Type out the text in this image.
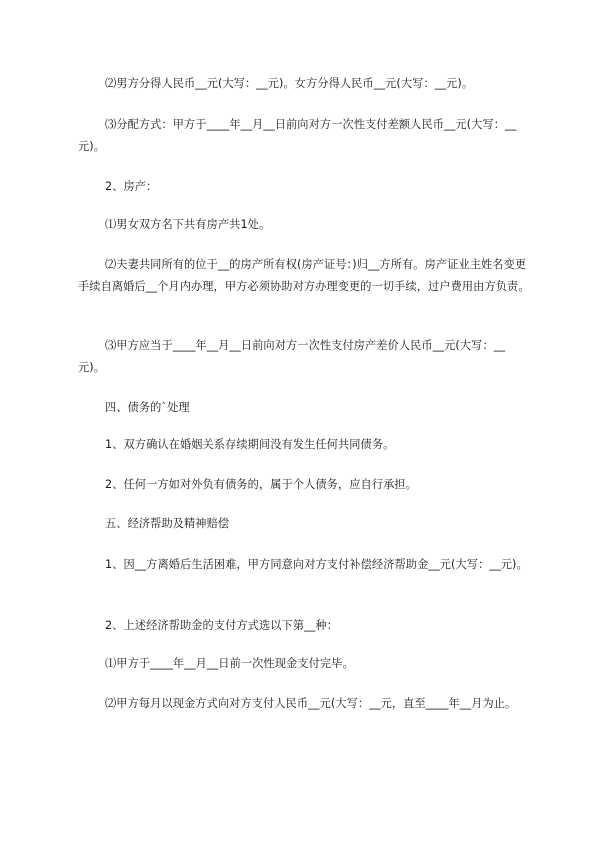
⑵男方分得人民币__元(大写：__元)。女方分得人民币__元(大写：__元)。

⑶分配方式：甲方于____年__月__日前向对方一次性支付差额人民币__元(大写：__元)。

2、房产：

⑴男女双方名下共有房产共1处。

⑵夫妻共同所有的位于__的房产所有权(房产证号：)归__方所有。房产证业主姓名变更手续自离婚后__个月内办理，甲方必须协助对方办理变更的一切手续，过户费用由方负责。

⑶甲方应当于____年__月__日前向对方一次性支付房产差价人民币__元(大写：__元)。

四、债务的`处理

1、双方确认在婚姻关系存续期间没有发生任何共同债务。

2、任何一方如对外负有债务的，属于个人债务，应自行承担。

五、经济帮助及精神赔偿

1、因__方离婚后生活困难，甲方同意向对方支付补偿经济帮助金__元(大写：__元)。

2、上述经济帮助金的支付方式选以下第__种：

⑴甲方于____年__月__日前一次性现金支付完毕。

⑵甲方每月以现金方式向对方支付人民币__元(大写：__元，直至____年__月为止。
